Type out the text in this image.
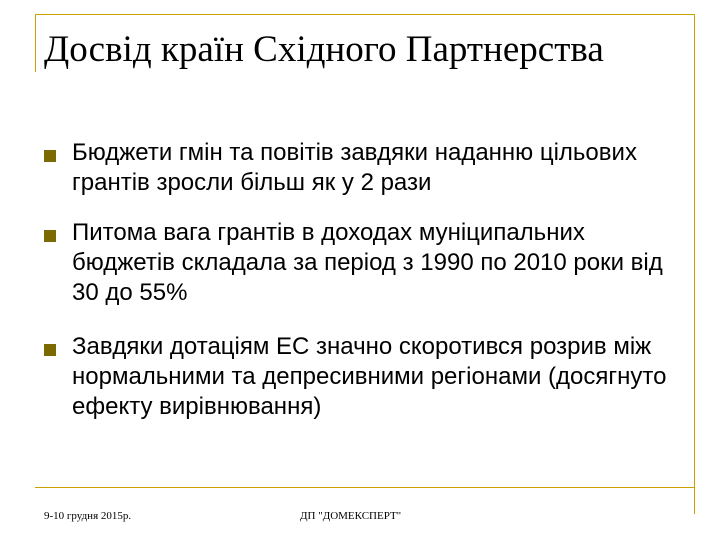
Досвід країн Східного Партнерства
Бюджети гмін та повітів завдяки наданню цільових грантів зросли більш як у 2 рази
Питома вага грантів в доходах муніципальних бюджетів складала за період з 1990 по 2010 роки від 30 до 55%
Завдяки дотаціям ЕС значно скоротився розрив між нормальними та депресивними регіонами (досягнуто ефекту вирівнювання)
9-10 грудня 2015р.	ДП "ДОМЕКСПЕРТ"
